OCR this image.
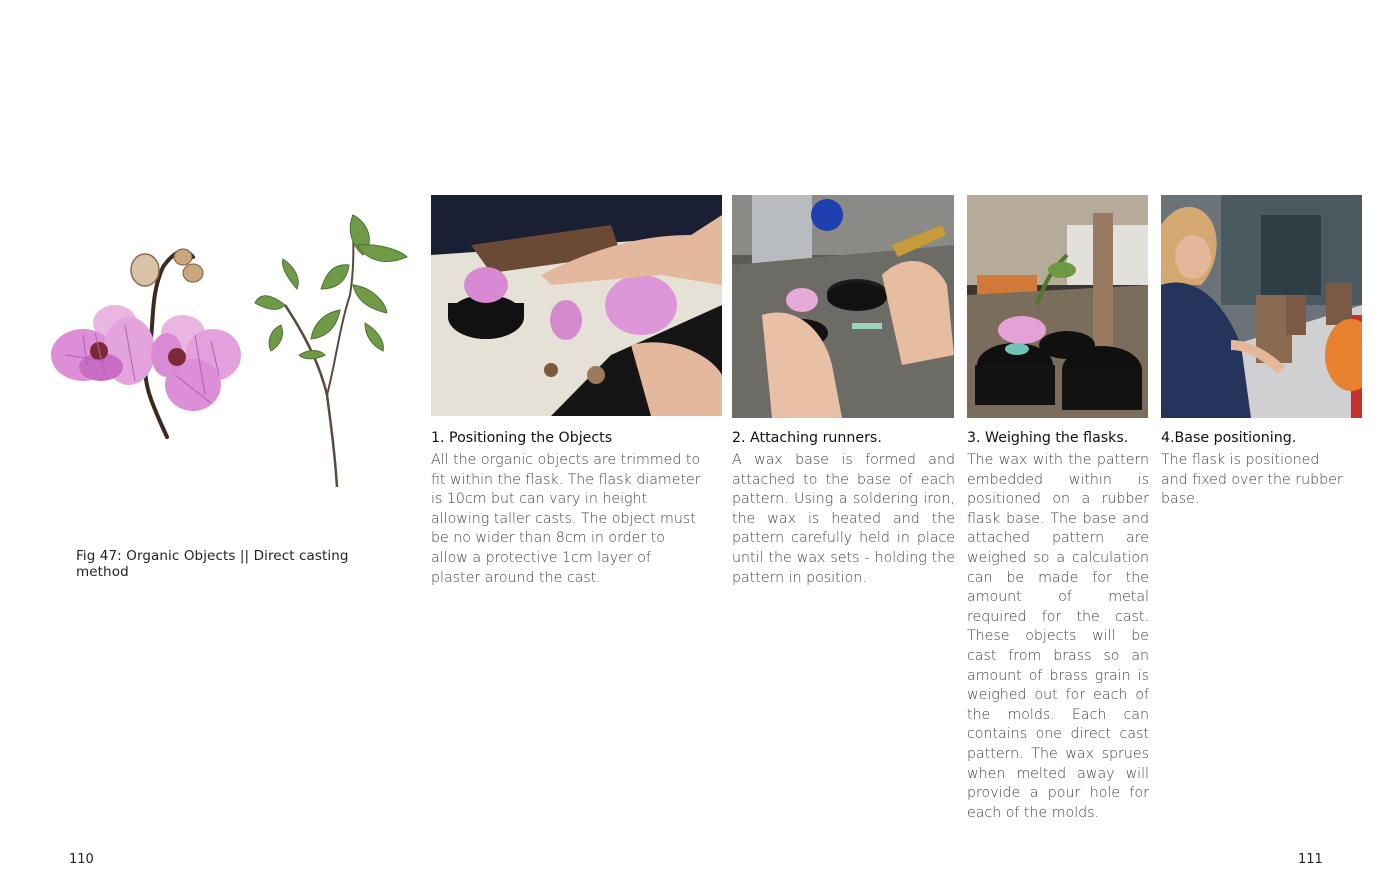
Fig 47: Organic Objects || Direct casting method

1. Positioning the Objects

All the organic objects are trimmed to fit within the flask. The flask diameter is 10cm but can vary in height allowing taller casts. The object must be no wider than 8cm in order to allow a protective 1cm layer of plaster around the cast.

2. Attaching runners.

A wax base is formed and attached to the base of each pattern. Using a soldering iron, the wax is heated and the pattern carefully held in place until the wax sets - holding the pattern in position.

3. Weighing the flasks.

The wax with the pattern embedded within is positioned on a rubber flask base. The base and attached pattern are weighed so a calculation can be made for the amount of metal required for the cast. These objects will be cast from brass so an amount of brass grain is weighed out for each of the molds. Each can contains one direct cast pattern. The wax sprues when melted away will provide a pour hole for each of the molds.

4.Base positioning.

The flask is positioned and fixed over the rubber base.

110	111
